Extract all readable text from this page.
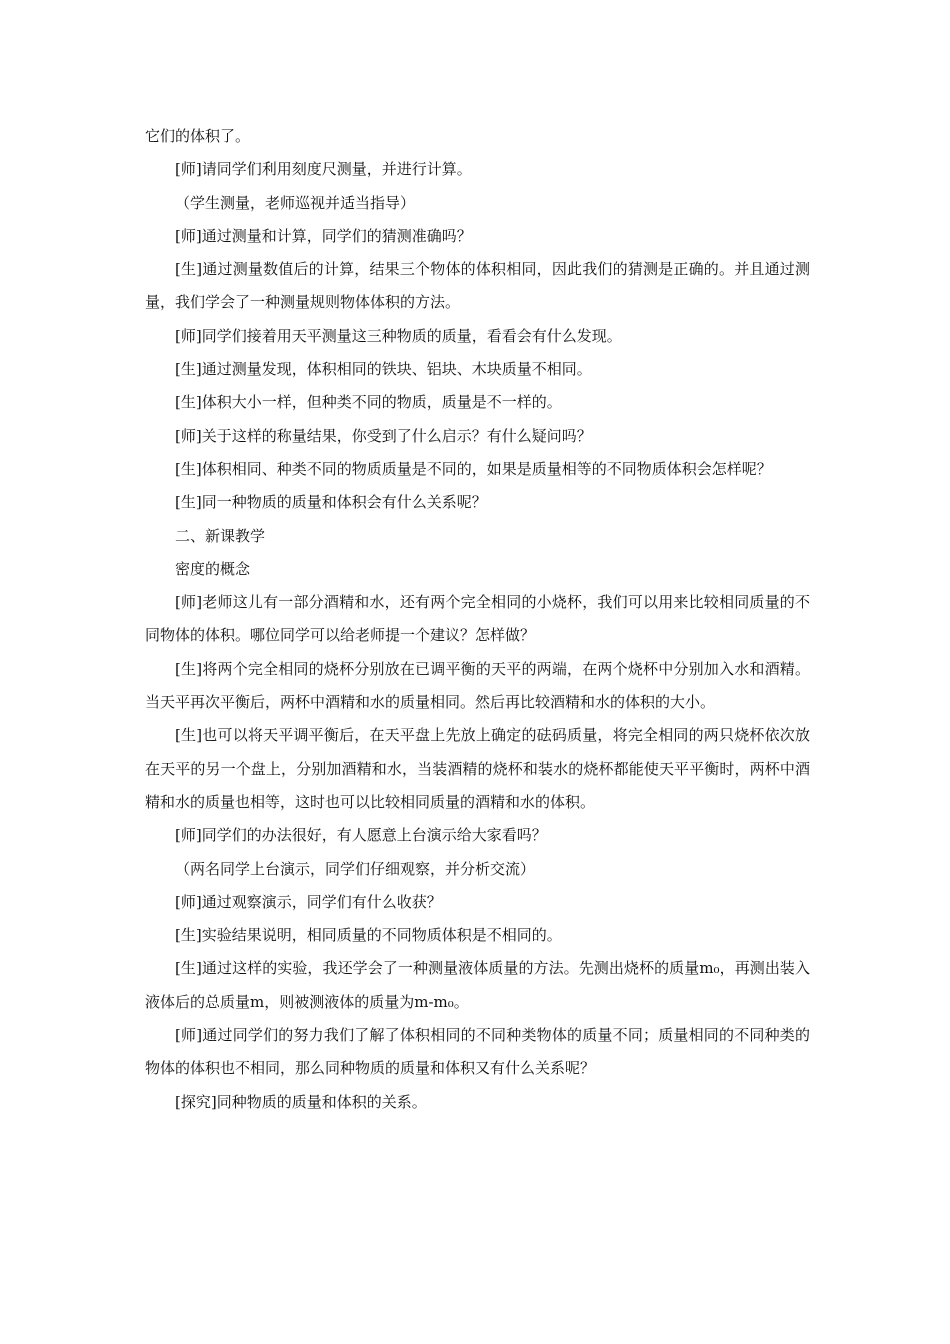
它们的体积了。

[师]请同学们利用刻度尺测量，并进行计算。

（学生测量，老师巡视并适当指导）

[师]通过测量和计算，同学们的猜测准确吗？

[生]通过测量数值后的计算，结果三个物体的体积相同，因此我们的猜测是正确的。并且通过测量，我们学会了一种测量规则物体体积的方法。

[师]同学们接着用天平测量这三种物质的质量，看看会有什么发现。

[生]通过测量发现，体积相同的铁块、铝块、木块质量不相同。

[生]体积大小一样，但种类不同的物质，质量是不一样的。

[师]关于这样的称量结果，你受到了什么启示？有什么疑问吗？

[生]体积相同、种类不同的物质质量是不同的，如果是质量相等的不同物质体积会怎样呢？

[生]同一种物质的质量和体积会有什么关系呢？

二、新课教学

密度的概念

[师]老师这儿有一部分酒精和水，还有两个完全相同的小烧杯，我们可以用来比较相同质量的不同物体的体积。哪位同学可以给老师提一个建议？怎样做？

[生]将两个完全相同的烧杯分别放在已调平衡的天平的两端，在两个烧杯中分别加入水和酒精。当天平再次平衡后，两杯中酒精和水的质量相同。然后再比较酒精和水的体积的大小。

[生]也可以将天平调平衡后，在天平盘上先放上确定的砝码质量，将完全相同的两只烧杯依次放在天平的另一个盘上，分别加酒精和水，当装酒精的烧杯和装水的烧杯都能使天平平衡时，两杯中酒精和水的质量也相等，这时也可以比较相同质量的酒精和水的体积。

[师]同学们的办法很好，有人愿意上台演示给大家看吗？

（两名同学上台演示，同学们仔细观察，并分析交流）

[师]通过观察演示，同学们有什么收获？

[生]实验结果说明，相同质量的不同物质体积是不相同的。

[生]通过这样的实验，我还学会了一种测量液体质量的方法。先测出烧杯的质量m₀，再测出装入液体后的总质量m，则被测液体的质量为m-m₀。

[师]通过同学们的努力我们了解了体积相同的不同种类物体的质量不同；质量相同的不同种类的物体的体积也不相同，那么同种物质的质量和体积又有什么关系呢？

[探究]同种物质的质量和体积的关系。
